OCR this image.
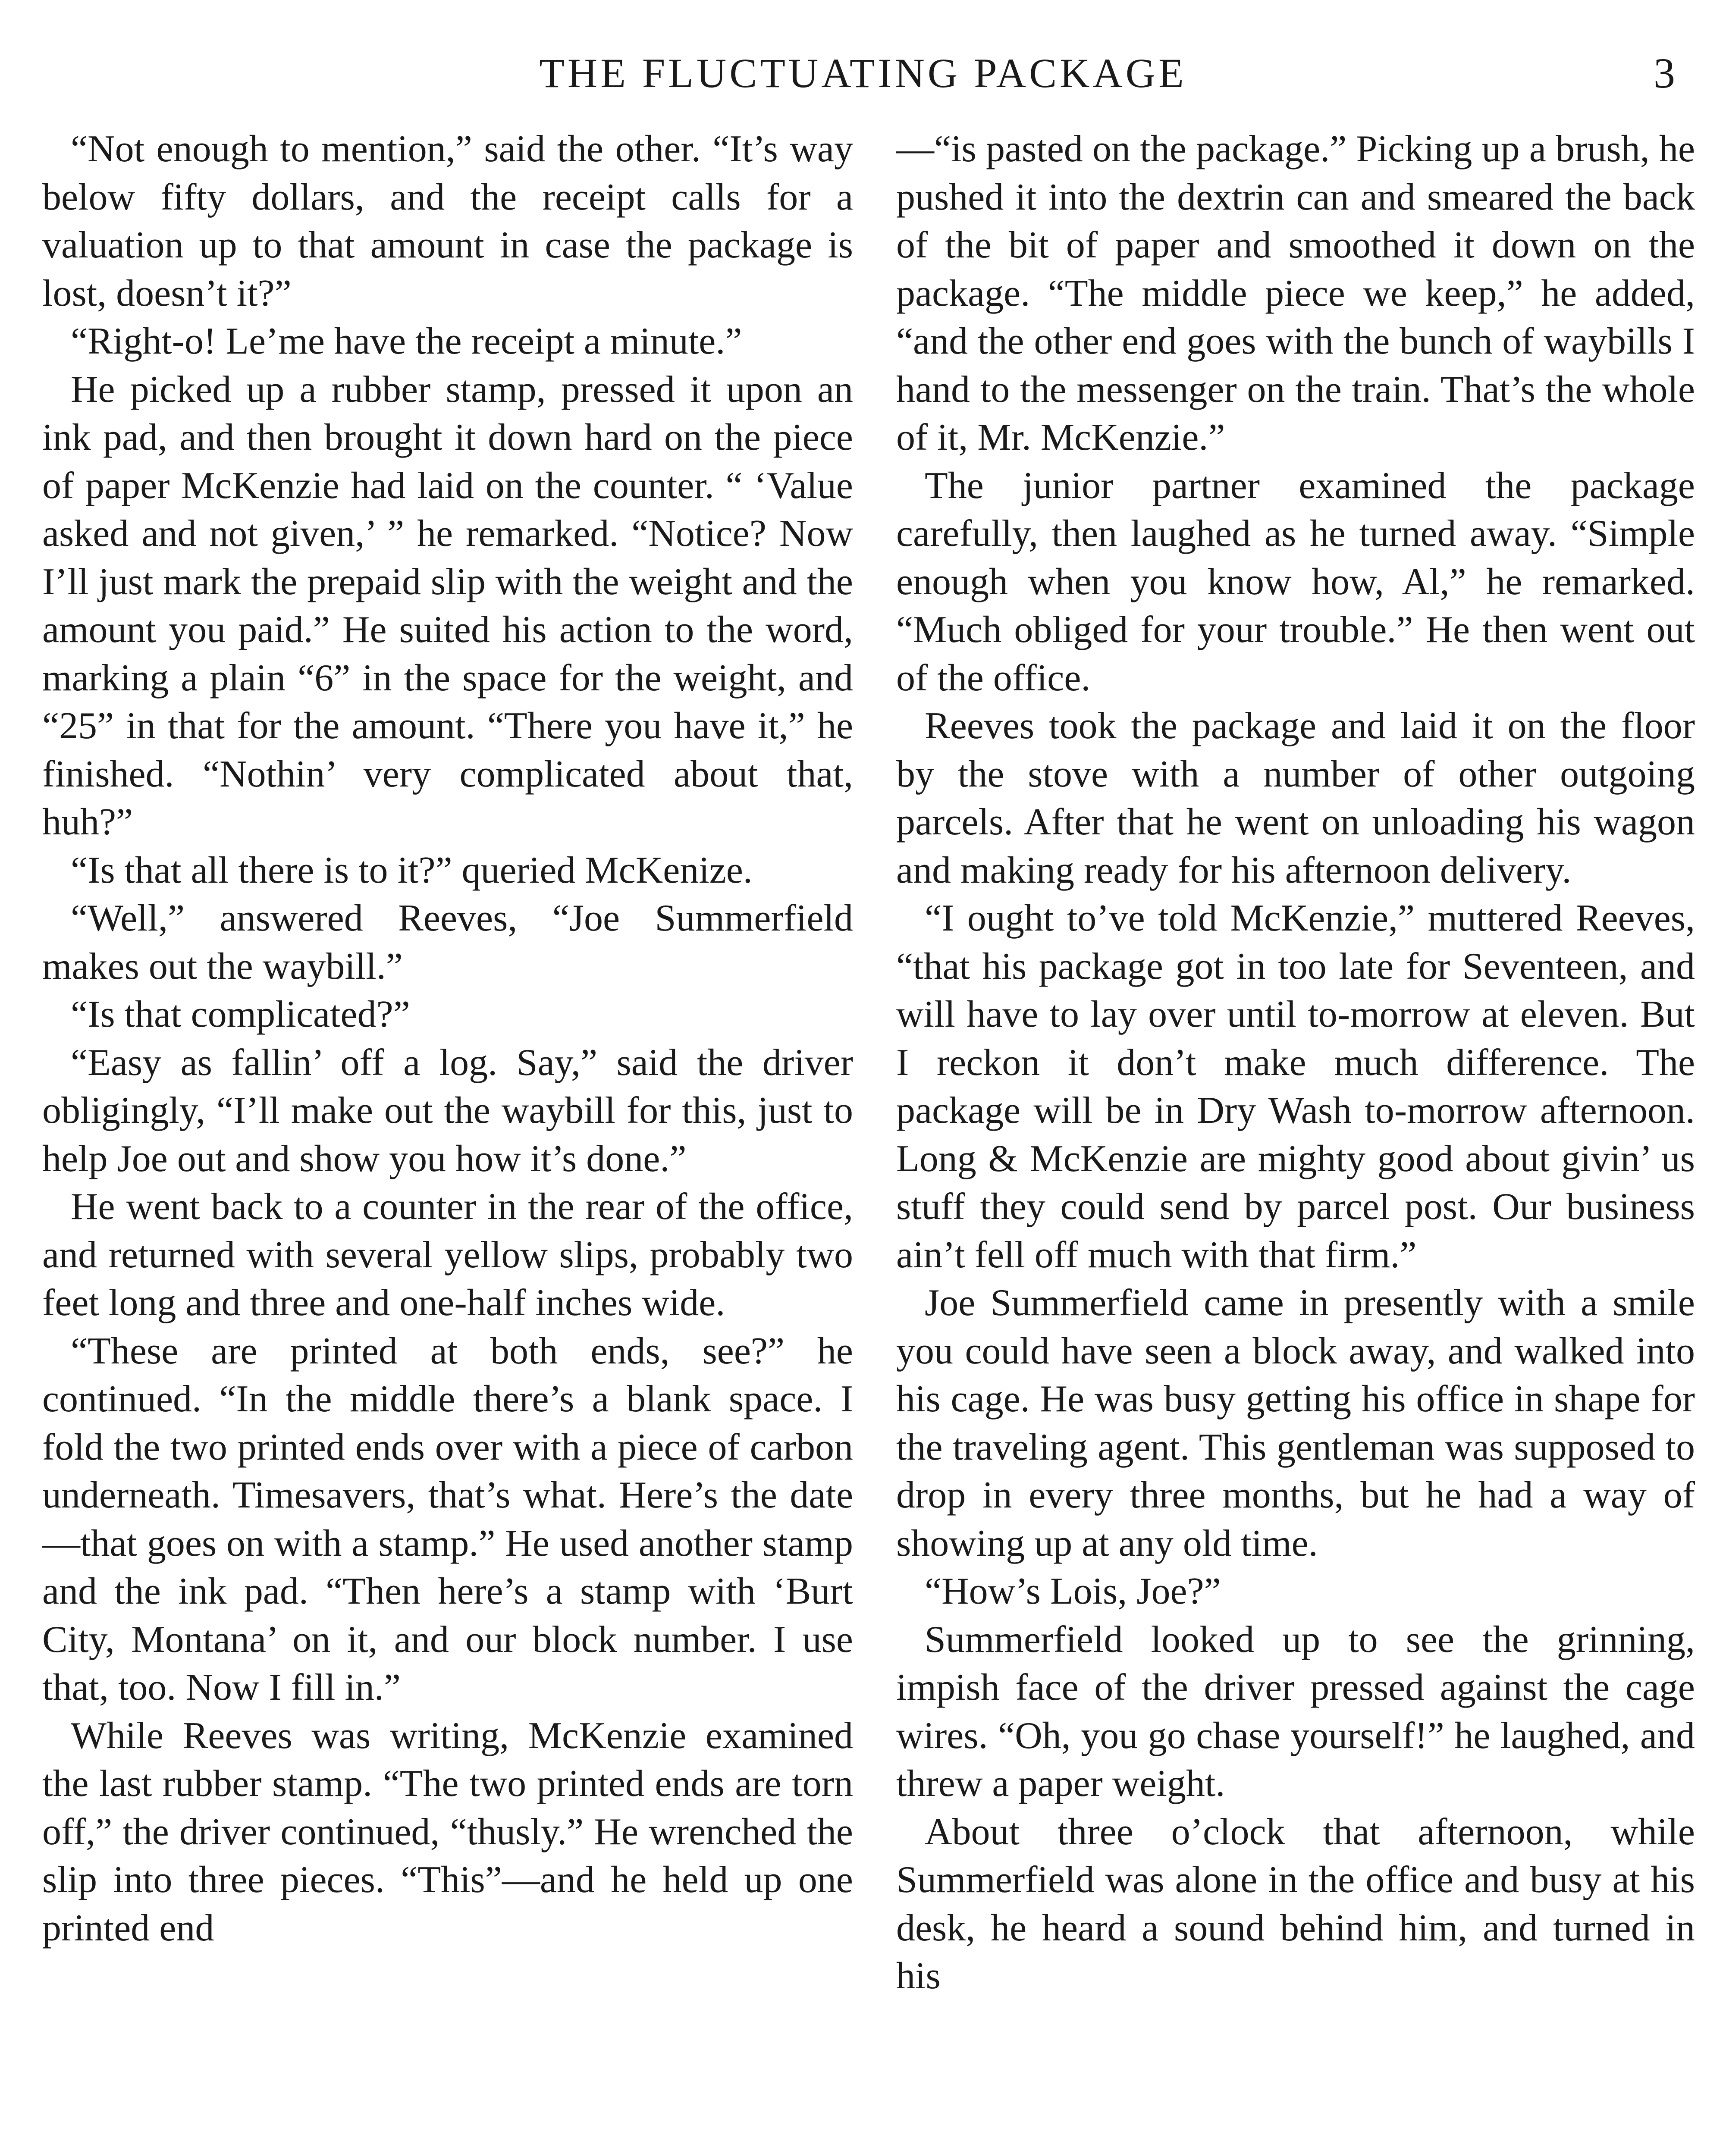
THE FLUCTUATING PACKAGE	3

“Not enough to mention,” said the other. “It’s way below fifty dollars, and the receipt calls for a valuation up to that amount in case the package is lost, doesn’t it?”

“Right-o! Le’me have the receipt a minute.”

He picked up a rubber stamp, pressed it upon an ink pad, and then brought it down hard on the piece of paper McKenzie had laid on the counter. “ ‘Value asked and not given,’ ” he remarked. “Notice? Now I’ll just mark the prepaid slip with the weight and the amount you paid.” He suited his action to the word, marking a plain “6” in the space for the weight, and “25” in that for the amount. “There you have it,” he finished. “Nothin’ very complicated about that, huh?”

“Is that all there is to it?” queried McKenize.

“Well,” answered Reeves, “Joe Summerfield makes out the waybill.”

“Is that complicated?”

“Easy as fallin’ off a log. Say,” said the driver obligingly, “I’ll make out the waybill for this, just to help Joe out and show you how it’s done.”

He went back to a counter in the rear of the office, and returned with several yellow slips, probably two feet long and three and one-half inches wide.

“These are printed at both ends, see?” he continued. “In the middle there’s a blank space. I fold the two printed ends over with a piece of carbon underneath. Timesavers, that’s what. Here’s the date—that goes on with a stamp.” He used another stamp and the ink pad. “Then here’s a stamp with ‘Burt City, Montana’ on it, and our block number. I use that, too. Now I fill in.”

While Reeves was writing, McKenzie examined the last rubber stamp. “The two printed ends are torn off,” the driver continued, “thusly.” He wrenched the slip into three pieces. “This”—and he held up one printed end

—“is pasted on the package.” Picking up a brush, he pushed it into the dextrin can and smeared the back of the bit of paper and smoothed it down on the package. “The middle piece we keep,” he added, “and the other end goes with the bunch of waybills I hand to the messenger on the train. That’s the whole of it, Mr. McKenzie.”

The junior partner examined the package carefully, then laughed as he turned away. “Simple enough when you know how, Al,” he remarked. “Much obliged for your trouble.” He then went out of the office.

Reeves took the package and laid it on the floor by the stove with a number of other outgoing parcels. After that he went on unloading his wagon and making ready for his afternoon delivery.

“I ought to’ve told McKenzie,” muttered Reeves, “that his package got in too late for Seventeen, and will have to lay over until to-morrow at eleven. But I reckon it don’t make much difference. The package will be in Dry Wash to-morrow afternoon. Long & McKenzie are mighty good about givin’ us stuff they could send by parcel post. Our business ain’t fell off much with that firm.”

Joe Summerfield came in presently with a smile you could have seen a block away, and walked into his cage. He was busy getting his office in shape for the traveling agent. This gentleman was supposed to drop in every three months, but he had a way of showing up at any old time.

“How’s Lois, Joe?”

Summerfield looked up to see the grinning, impish face of the driver pressed against the cage wires. “Oh, you go chase yourself!” he laughed, and threw a paper weight.

About three o’clock that afternoon, while Summerfield was alone in the office and busy at his desk, he heard a sound behind him, and turned in his
